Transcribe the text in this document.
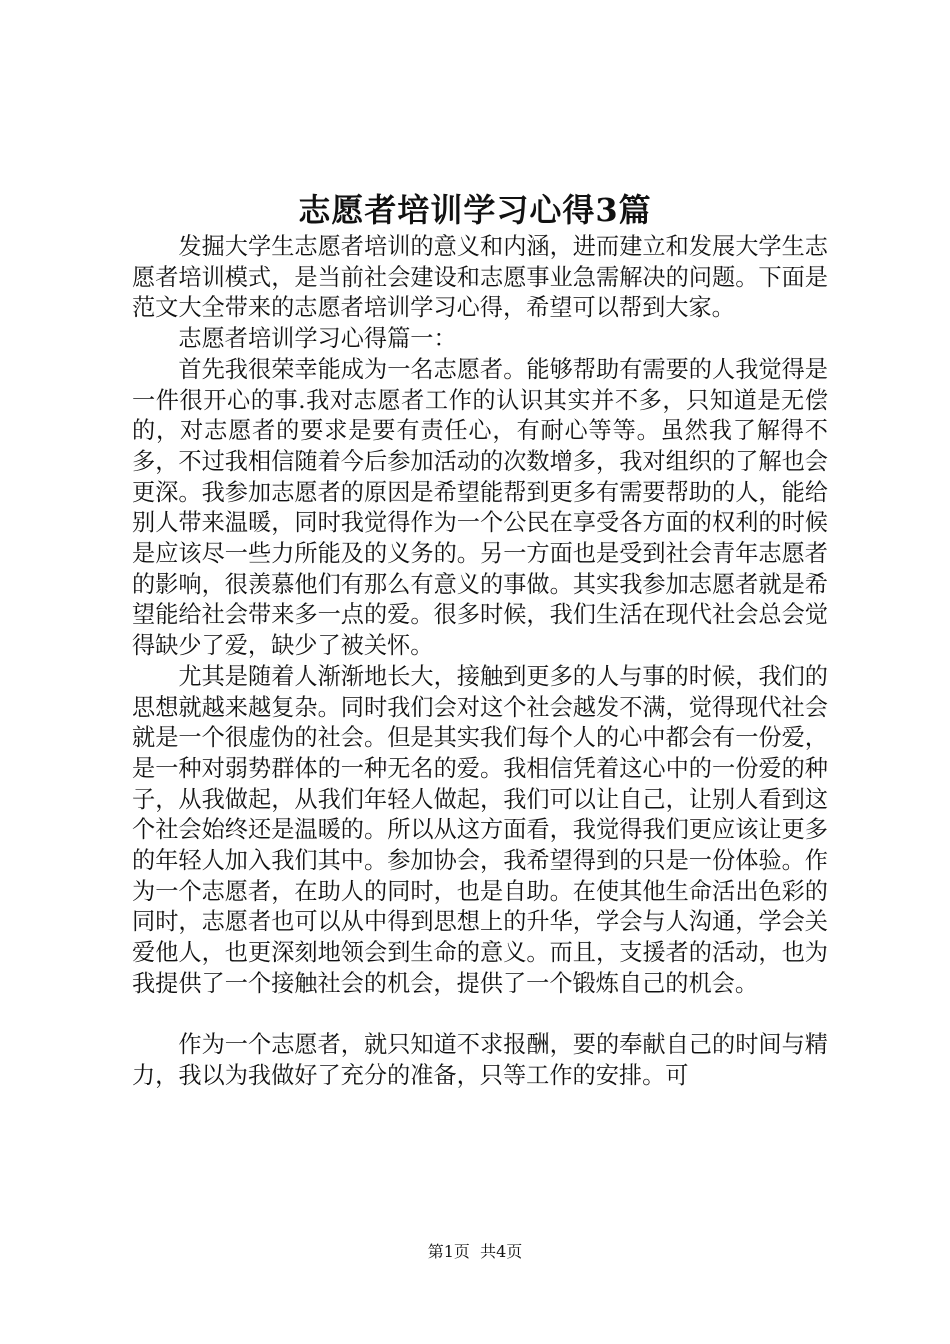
志愿者培训学习心得3篇

发掘大学生志愿者培训的意义和内涵，进而建立和发展大学生志愿者培训模式，是当前社会建设和志愿事业急需解决的问题。下面是范文大全带来的志愿者培训学习心得，希望可以帮到大家。

志愿者培训学习心得篇一：

首先我很荣幸能成为一名志愿者。能够帮助有需要的人我觉得是一件很开心的事.我对志愿者工作的认识其实并不多，只知道是无偿的，对志愿者的要求是要有责任心，有耐心等等。虽然我了解得不多，不过我相信随着今后参加活动的次数增多，我对组织的了解也会更深。我参加志愿者的原因是希望能帮到更多有需要帮助的人，能给别人带来温暖，同时我觉得作为一个公民在享受各方面的权利的时候是应该尽一些力所能及的义务的。另一方面也是受到社会青年志愿者的影响，很羡慕他们有那么有意义的事做。其实我参加志愿者就是希望能给社会带来多一点的爱。很多时候，我们生活在现代社会总会觉得缺少了爱，缺少了被关怀。

尤其是随着人渐渐地长大，接触到更多的人与事的时候，我们的思想就越来越复杂。同时我们会对这个社会越发不满，觉得现代社会就是一个很虚伪的社会。但是其实我们每个人的心中都会有一份爱，是一种对弱势群体的一种无名的爱。我相信凭着这心中的一份爱的种子，从我做起，从我们年轻人做起，我们可以让自己，让别人看到这个社会始终还是温暖的。所以从这方面看，我觉得我们更应该让更多的年轻人加入我们其中。参加协会，我希望得到的只是一份体验。作为一个志愿者，在助人的同时，也是自助。在使其他生命活出色彩的同时，志愿者也可以从中得到思想上的升华，学会与人沟通，学会关爱他人，也更深刻地领会到生命的意义。而且，支援者的活动，也为我提供了一个接触社会的机会，提供了一个锻炼自己的机会。

作为一个志愿者，就只知道不求报酬，要的奉献自己的时间与精力，我以为我做好了充分的准备，只等工作的安排。可

第1页 共4页
